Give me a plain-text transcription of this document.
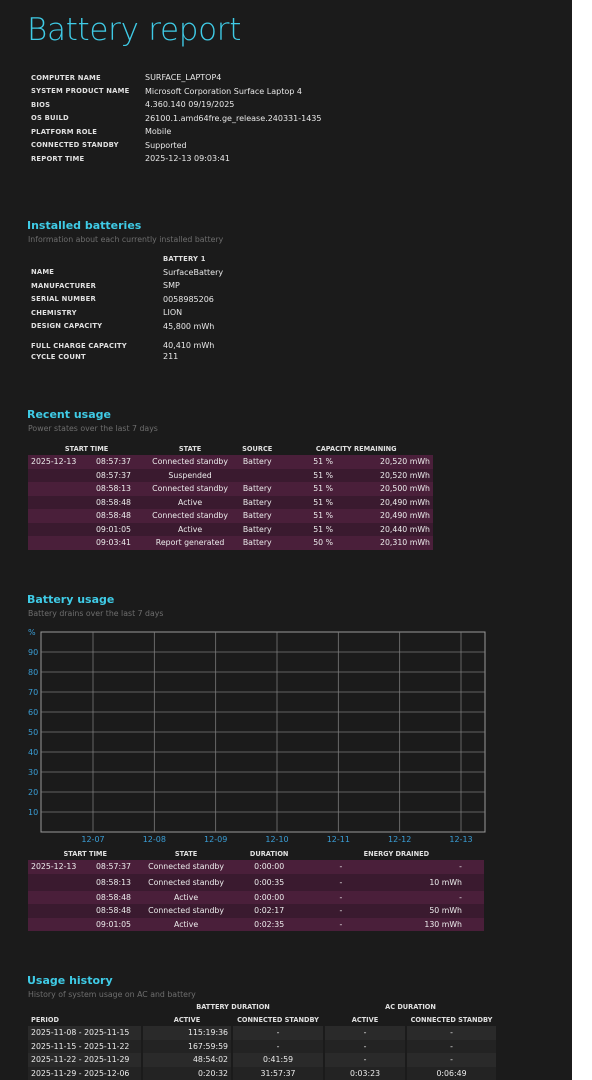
Battery report
COMPUTER NAME	SURFACE_LAPTOP4
SYSTEM PRODUCT NAME	Microsoft Corporation Surface Laptop 4
BIOS	4.360.140 09/19/2025
OS BUILD	26100.1.amd64fre.ge_release.240331-1435
PLATFORM ROLE	Mobile
CONNECTED STANDBY	Supported
REPORT TIME	2025-12-13 09:03:41
Installed batteries

Information about each currently installed battery

	BATTERY 1
NAME	SurfaceBattery
MANUFACTURER	SMP
SERIAL NUMBER	0058985206
CHEMISTRY	LION
DESIGN CAPACITY	45,800 mWh
FULL CHARGE CAPACITY	40,410 mWh
CYCLE COUNT	211
Recent usage

Power states over the last 7 days

START TIME	STATE	SOURCE	CAPACITY REMAINING	
2025-12-13 08:57:37	Connected standby	Battery	51 %	20,520 mWh
08:57:37	Suspended		51 %	20,520 mWh
08:58:13	Connected standby	Battery	51 %	20,500 mWh
08:58:48	Active	Battery	51 %	20,490 mWh
08:58:48	Connected standby	Battery	51 %	20,490 mWh
09:01:05	Active	Battery	51 %	20,440 mWh
09:03:41	Report generated	Battery	50 %	20,310 mWh
Battery usage

Battery drains over the last 7 days

10
20
30
40
50
60
70
80
90
%
12-07	12-08	12-09	12-10	12-11	12-12	12-13
START TIME	STATE	DURATION	ENERGY DRAINED	
2025-12-13 08:57:37	Connected standby	0:00:00	-	-
08:58:13	Connected standby	0:00:35	-	10 mWh
08:58:48	Active	0:00:00	-	-
08:58:48	Connected standby	0:02:17	-	50 mWh
09:01:05	Active	0:02:35	-	130 mWh
Usage history

History of system usage on AC and battery

	BATTERY DURATION		AC DURATION	
PERIOD	ACTIVE	CONNECTED STANDBY	ACTIVE	CONNECTED STANDBY
2025-11-08 - 2025-11-15	115:19:36	-	-	-
2025-11-15 - 2025-11-22	167:59:59	-	-	-
2025-11-22 - 2025-11-29	48:54:02	0:41:59	-	-
2025-11-29 - 2025-12-06	0:20:32	31:57:37	0:03:23	0:06:49
